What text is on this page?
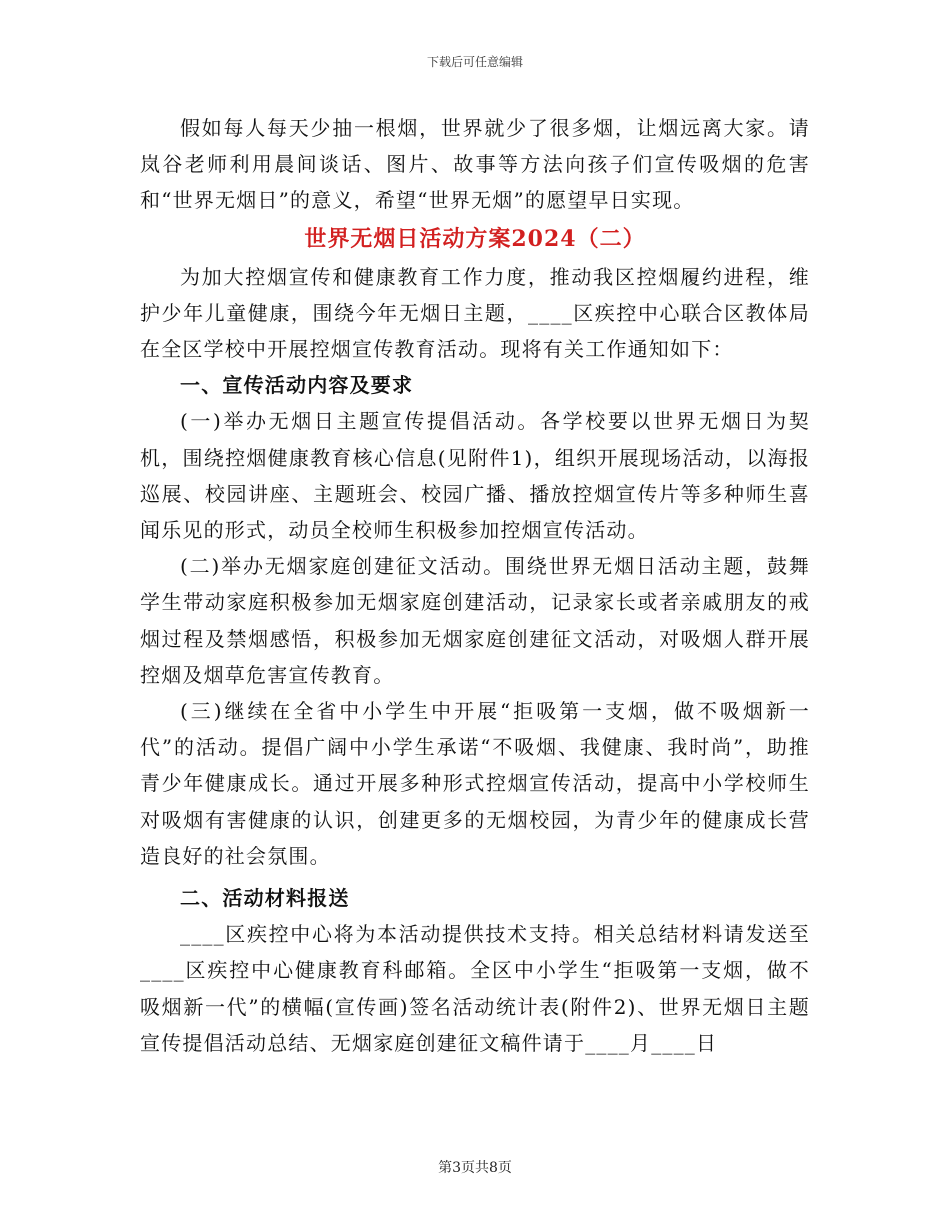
下载后可任意编辑

假如每人每天少抽一根烟，世界就少了很多烟，让烟远离大家。请岚谷老师利用晨间谈话、图片、故事等方法向孩子们宣传吸烟的危害和“世界无烟日”的意义，希望“世界无烟”的愿望早日实现。

世界无烟日活动方案2024（二）

为加大控烟宣传和健康教育工作力度，推动我区控烟履约进程，维护少年儿童健康，围绕今年无烟日主题，____区疾控中心联合区教体局在全区学校中开展控烟宣传教育活动。现将有关工作通知如下：

一、宣传活动内容及要求

(一)举办无烟日主题宣传提倡活动。各学校要以世界无烟日为契机，围绕控烟健康教育核心信息(见附件1)，组织开展现场活动，以海报巡展、校园讲座、主题班会、校园广播、播放控烟宣传片等多种师生喜闻乐见的形式，动员全校师生积极参加控烟宣传活动。

(二)举办无烟家庭创建征文活动。围绕世界无烟日活动主题，鼓舞学生带动家庭积极参加无烟家庭创建活动，记录家长或者亲戚朋友的戒烟过程及禁烟感悟，积极参加无烟家庭创建征文活动，对吸烟人群开展控烟及烟草危害宣传教育。

(三)继续在全省中小学生中开展“拒吸第一支烟，做不吸烟新一代”的活动。提倡广阔中小学生承诺“不吸烟、我健康、我时尚”，助推青少年健康成长。通过开展多种形式控烟宣传活动，提高中小学校师生对吸烟有害健康的认识，创建更多的无烟校园，为青少年的健康成长营造良好的社会氛围。

二、活动材料报送

____区疾控中心将为本活动提供技术支持。相关总结材料请发送至____区疾控中心健康教育科邮箱。全区中小学生“拒吸第一支烟，做不吸烟新一代”的横幅(宣传画)签名活动统计表(附件2)、世界无烟日主题宣传提倡活动总结、无烟家庭创建征文稿件请于____月____日

第3页共8页
